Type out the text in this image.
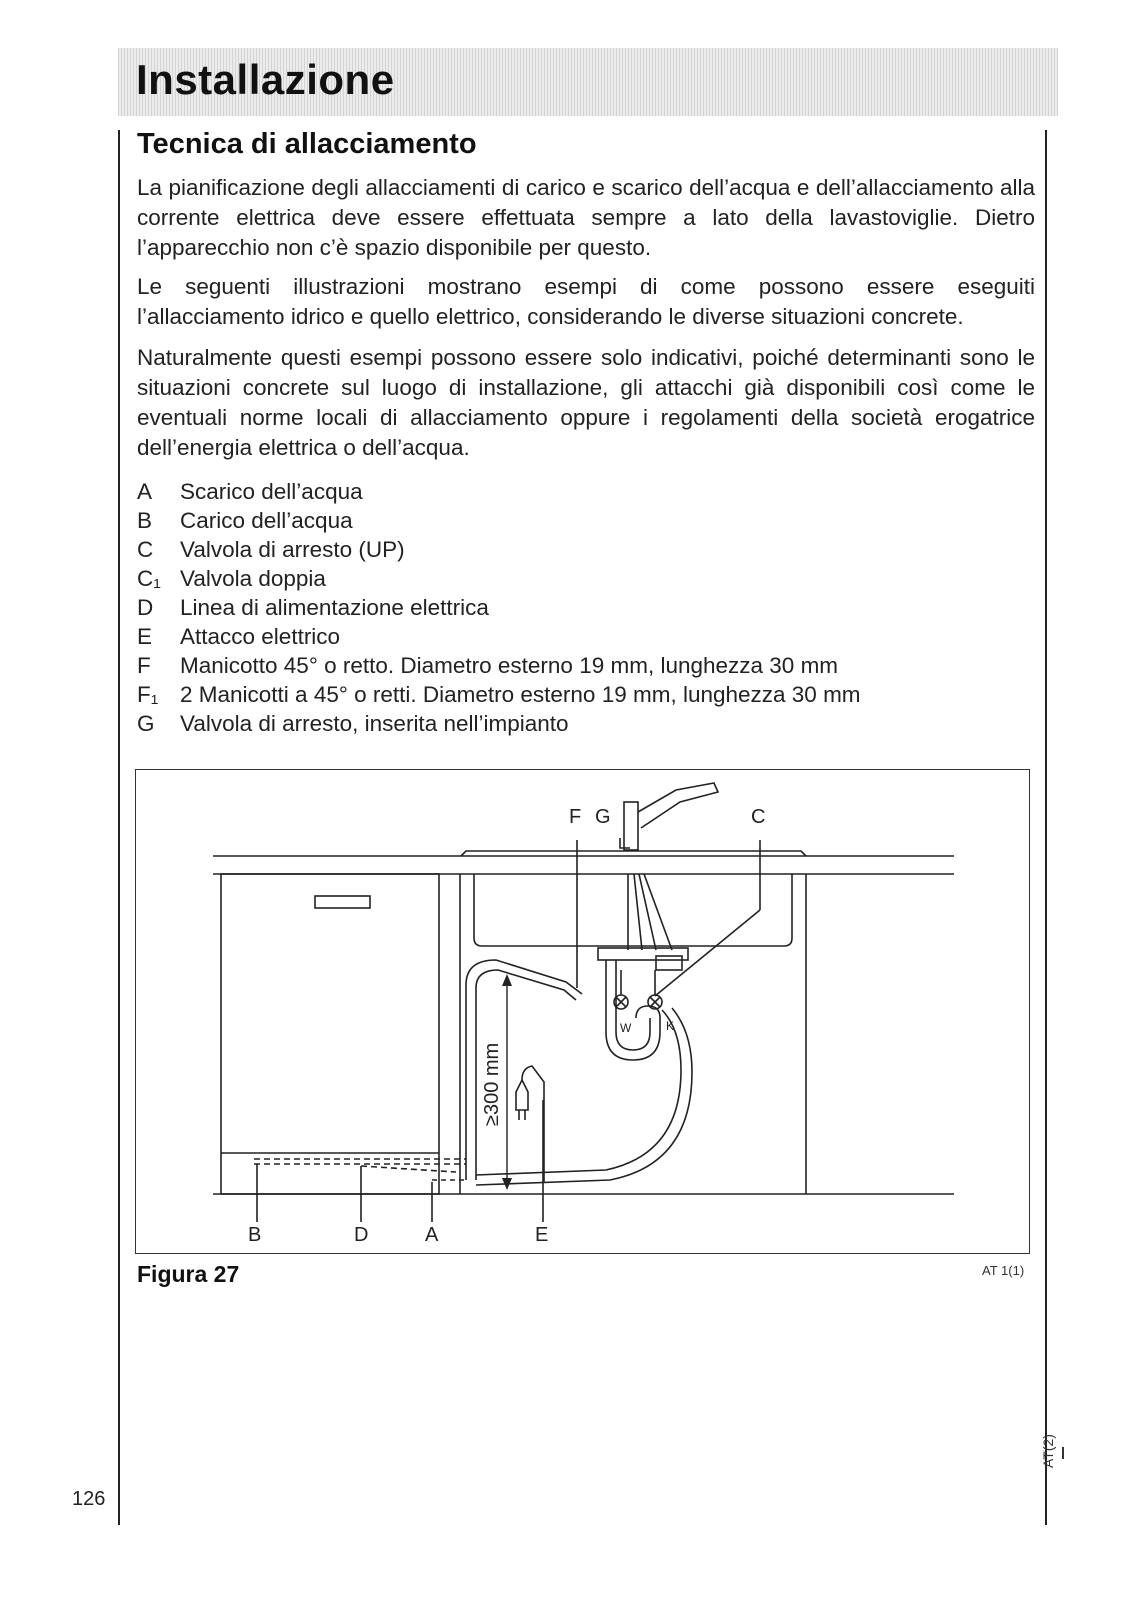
Installazione
Tecnica di allacciamento

La pianificazione degli allacciamenti di carico e scarico dell’acqua e dell’allacciamento alla corrente elettrica deve essere effettuata sempre a lato della lavastoviglie. Dietro l’apparecchio non c’è spazio disponibile per questo.

Le seguenti illustrazioni mostrano esempi di come possono essere eseguiti l’allacciamento idrico e quello elettrico, considerando le diverse situazioni concrete.

Naturalmente questi esempi possono essere solo indicativi, poiché determinanti sono le situazioni concrete sul luogo di installazione, gli attacchi già disponibili così come le eventuali norme locali di allacciamento oppure i regolamenti della società erogatrice dell’energia elettrica o dell’acqua.

A Scarico dell’acqua
B Carico dell’acqua
C Valvola di arresto (UP)
C₁ Valvola doppia
D Linea di alimentazione elettrica
E Attacco elettrico
F Manicotto 45° o retto. Diametro esterno 19 mm, lunghezza 30 mm
F₁ 2 Manicotti a 45° o retti. Diametro esterno 19 mm, lunghezza 30 mm
G Valvola di arresto, inserita nell’impianto
F G	C
W	K
≥300 mm
B	D	A	E

Figura 27	AT 1(1)
126
AT(2)
